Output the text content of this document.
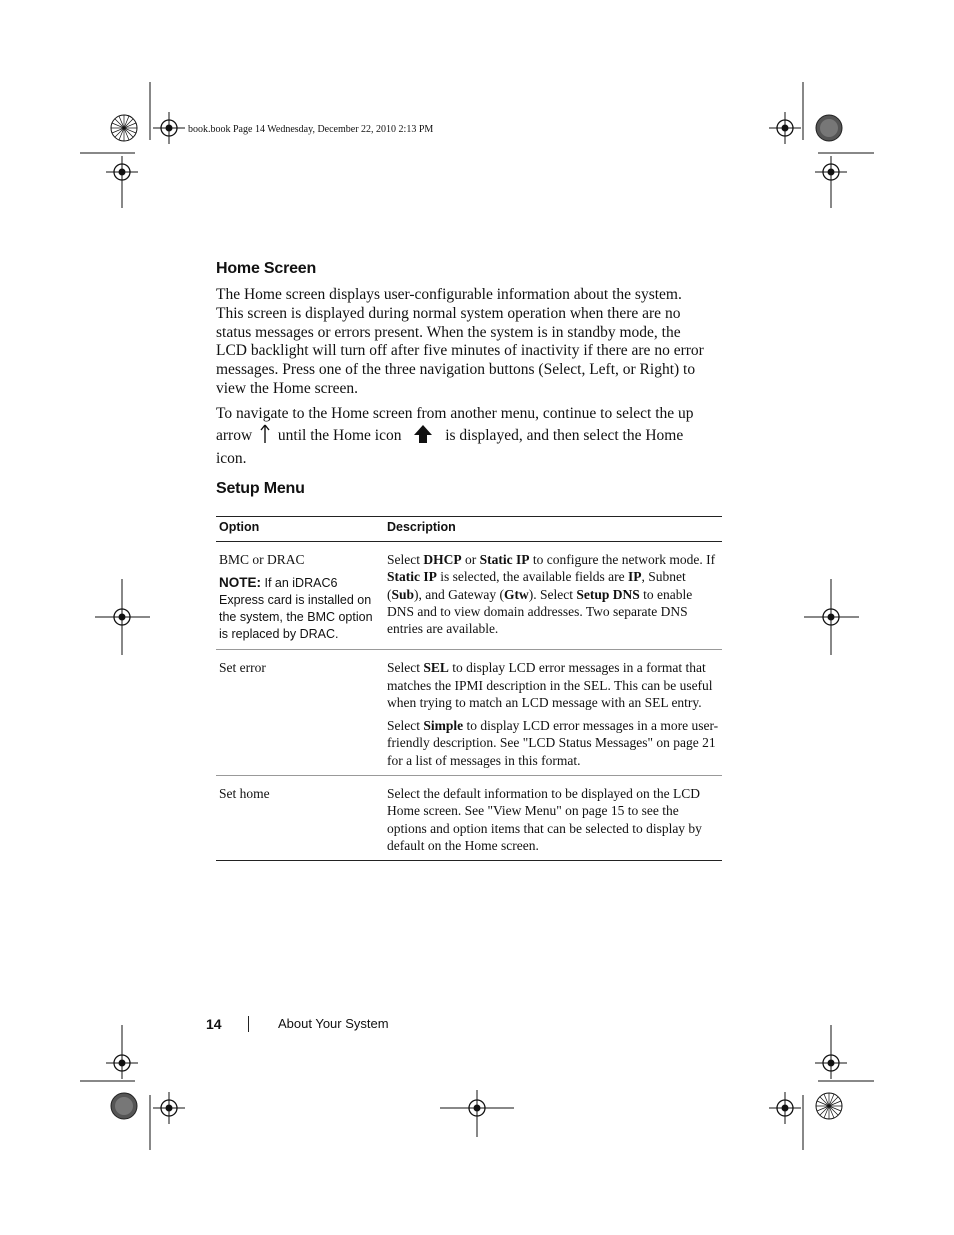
book.book Page 14 Wednesday, December 22, 2010 2:13 PM
Home Screen

The Home screen displays user-configurable information about the system. This screen is displayed during normal system operation when there are no status messages or errors present. When the system is in standby mode, the LCD backlight will turn off after five minutes of inactivity if there are no error messages. Press one of the three navigation buttons (Select, Left, or Right) to view the Home screen.

To navigate to the Home screen from another menu, continue to select the up arrow until the Home icon	is displayed, and then select the Home icon.

Setup Menu
Option	Description

BMC or DRAC
NOTE: If an iDRAC6 Express card is installed on the system, the BMC option is replaced by DRAC.	Select DHCP or Static IP to configure the network mode. If Static IP is selected, the available fields are IP, Subnet (Sub), and Gateway (Gtw). Select Setup DNS to enable DNS and to view domain addresses. Two separate DNS entries are available.

Set error	Select SEL to display LCD error messages in a format that matches the IPMI description in the SEL. This can be useful when trying to match an LCD message with an SEL entry.

Select Simple to display LCD error messages in a more user-friendly description. See "LCD Status Messages" on page 21 for a list of messages in this format.

Set home	Select the default information to be displayed on the LCD Home screen. See "View Menu" on page 15 to see the options and option items that can be selected to display by default on the Home screen.

14	About Your System
